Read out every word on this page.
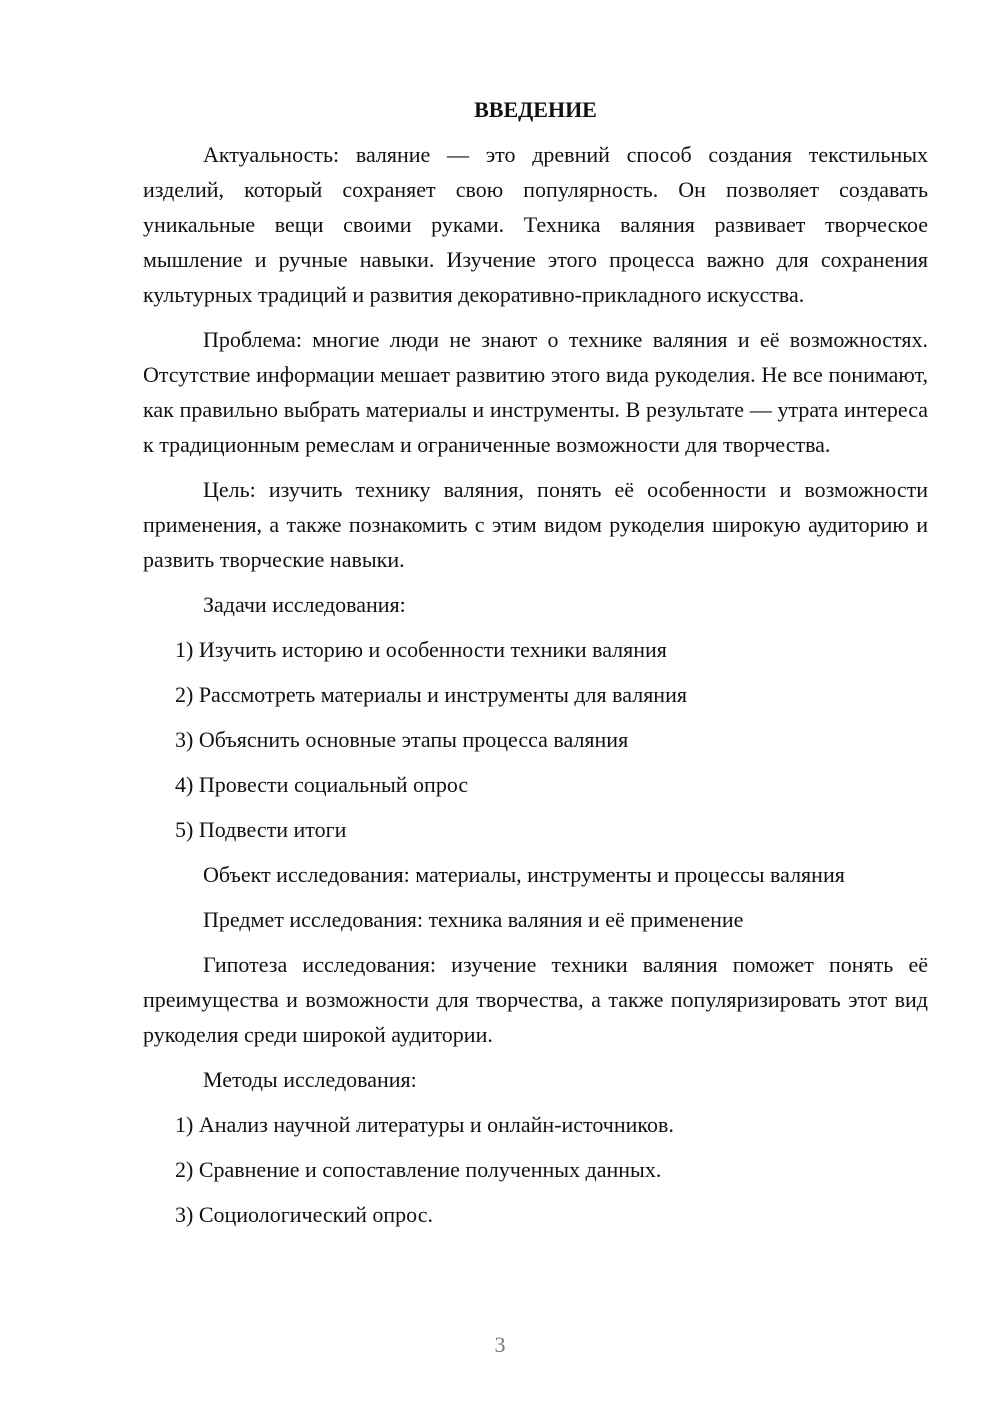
ВВЕДЕНИЕ

Актуальность: валяние — это древний способ создания текстильных изделий, который сохраняет свою популярность. Он позволяет создавать уникальные вещи своими руками. Техника валяния развивает творческое мышление и ручные навыки. Изучение этого процесса важно для сохранения культурных традиций и развития декоративно-прикладного искусства.

Проблема: многие люди не знают о технике валяния и её возможностях. Отсутствие информации мешает развитию этого вида рукоделия. Не все понимают, как правильно выбрать материалы и инструменты. В результате — утрата интереса к традиционным ремеслам и ограниченные возможности для творчества.

Цель: изучить технику валяния, понять её особенности и возможности применения, а также познакомить с этим видом рукоделия широкую аудиторию и развить творческие навыки.

Задачи исследования:
1) Изучить историю и особенности техники валяния
2) Рассмотреть материалы и инструменты для валяния
3) Объяснить основные этапы процесса валяния
4) Провести социальный опрос
5) Подвести итоги
Объект исследования: материалы, инструменты и процессы валяния
Предмет исследования: техника валяния и её применение

Гипотеза исследования: изучение техники валяния поможет понять её преимущества и возможности для творчества, а также популяризировать этот вид рукоделия среди широкой аудитории.

Методы исследования:
1) Анализ научной литературы и онлайн-источников.
2) Сравнение и сопоставление полученных данных.
3) Социологический опрос.
3
